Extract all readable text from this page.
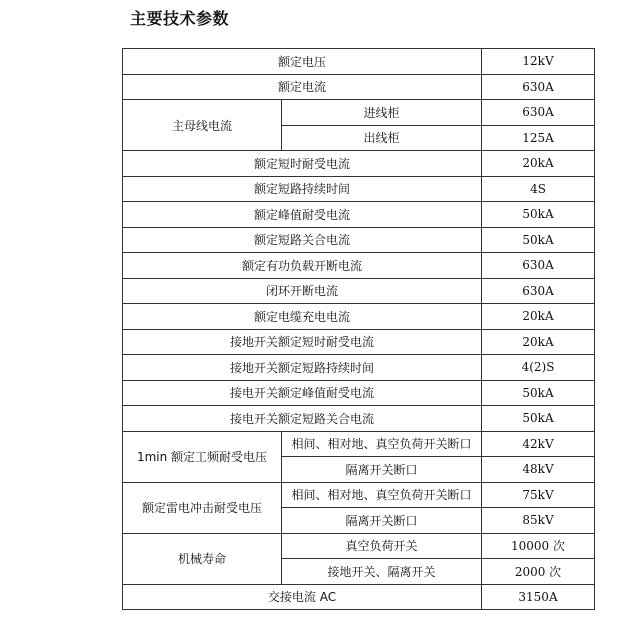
主要技术参数
额定电压		12kV
额定电流		630A
主母线电流	进线柜	630A
	出线柜	125A
额定短时耐受电流		20kA
额定短路持续时间		4S
额定峰值耐受电流		50kA
额定短路关合电流		50kA
额定有功负载开断电流		630A
闭环开断电流		630A
额定电缆充电电流		20kA
接地开关额定短时耐受电流		20kA
接地开关额定短路持续时间		4(2)S
接电开关额定峰值耐受电流		50kA
接电开关额定短路关合电流		50kA
1min 额定工频耐受电压	相间、相对地、真空负荷开关断口	42kV
	隔离开关断口	48kV
额定雷电冲击耐受电压	相间、相对地、真空负荷开关断口	75kV
	隔离开关断口	85kV
机械寿命	真空负荷开关	10000 次
	接地开关、隔离开关	2000 次
交接电流 AC		3150A
